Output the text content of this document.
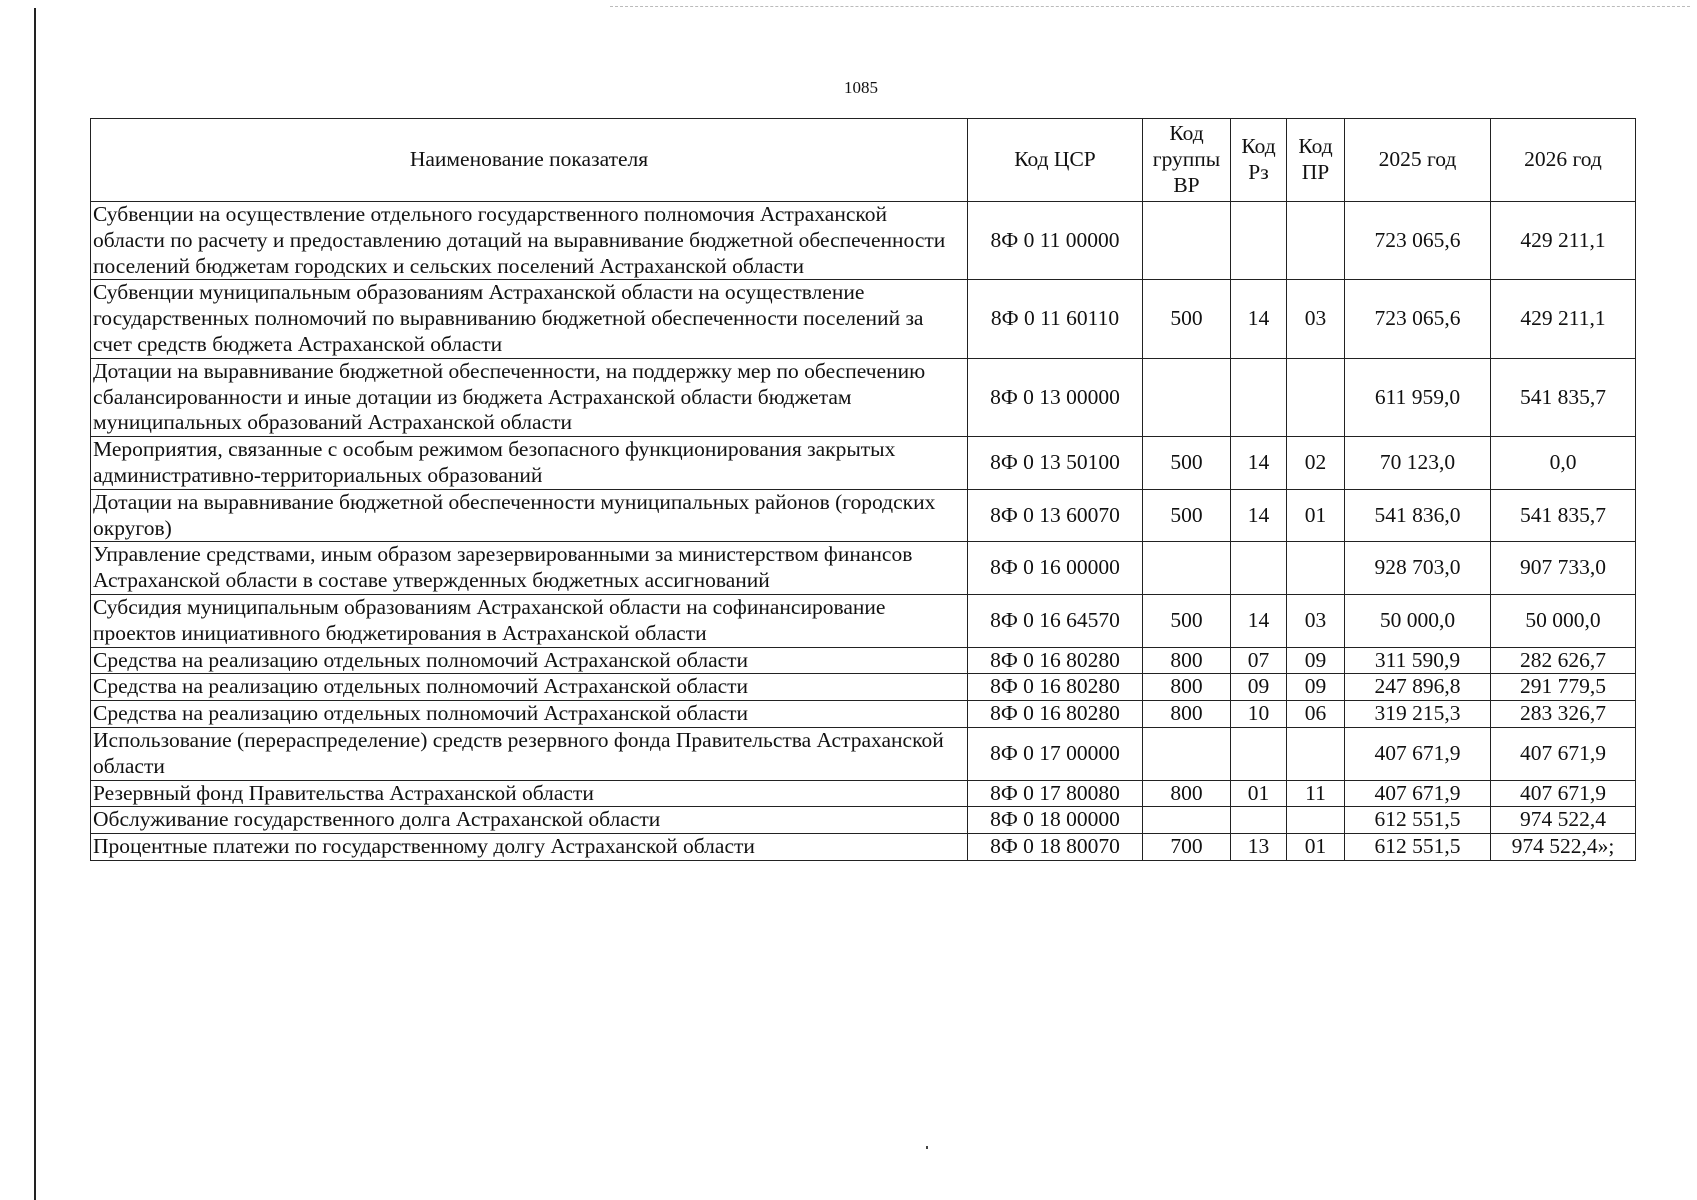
1085
Наименование показателя	Код ЦСР	Код группы ВР	Код Рз	Код ПР	2025 год	2026 год
Субвенции на осуществление отдельного государственного полномочия Астраханской области по расчету и предоставлению дотаций на выравнивание бюджетной обеспеченности поселений бюджетам городских и сельских поселений Астраханской области	8Ф 0 11 00000				723 065,6	429 211,1
Субвенции муниципальным образованиям Астраханской области на осуществление государственных полномочий по выравниванию бюджетной обеспеченности поселений за счет средств бюджета Астраханской области	8Ф 0 11 60110	500	14	03	723 065,6	429 211,1
Дотации на выравнивание бюджетной обеспеченности, на поддержку мер по обеспечению сбалансированности и иные дотации из бюджета Астраханской области бюджетам муниципальных образований Астраханской области	8Ф 0 13 00000				611 959,0	541 835,7
Мероприятия, связанные с особым режимом безопасного функционирования закрытых административно-территориальных образований	8Ф 0 13 50100	500	14	02	70 123,0	0,0
Дотации на выравнивание бюджетной обеспеченности муниципальных районов (городских округов)	8Ф 0 13 60070	500	14	01	541 836,0	541 835,7
Управление средствами, иным образом зарезервированными за министерством финансов Астраханской области в составе утвержденных бюджетных ассигнований	8Ф 0 16 00000				928 703,0	907 733,0
Субсидия муниципальным образованиям Астраханской области на софинансирование проектов инициативного бюджетирования в Астраханской области	8Ф 0 16 64570	500	14	03	50 000,0	50 000,0
Средства на реализацию отдельных полномочий Астраханской области	8Ф 0 16 80280	800	07	09	311 590,9	282 626,7
Средства на реализацию отдельных полномочий Астраханской области	8Ф 0 16 80280	800	09	09	247 896,8	291 779,5
Средства на реализацию отдельных полномочий Астраханской области	8Ф 0 16 80280	800	10	06	319 215,3	283 326,7
Использование (перераспределение) средств резервного фонда Правительства Астраханской области	8Ф 0 17 00000				407 671,9	407 671,9
Резервный фонд Правительства Астраханской области	8Ф 0 17 80080	800	01	11	407 671,9	407 671,9
Обслуживание государственного долга Астраханской области	8Ф 0 18 00000				612 551,5	974 522,4
Процентные платежи по государственному долгу Астраханской области	8Ф 0 18 80070	700	13	01	612 551,5	974 522,4»;
